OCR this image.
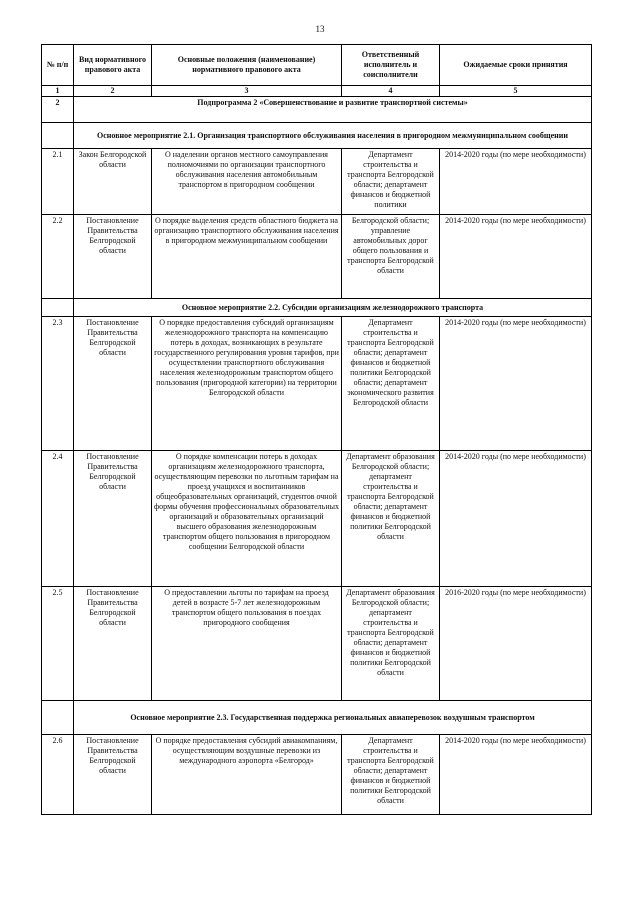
13
№ п/п	Вид нормативного правового акта	Основные положения (наименование) нормативного правового акта	Ответственный исполнитель и соисполнители	Ожидаемые сроки принятия
1	2	3	4	5
2	Подпрограмма 2 «Совершенствование и развитие транспортной системы»			
	Основное мероприятие 2.1. Организация транспортного обслуживания населения в пригородном межмуниципальном сообщении			
2.1	Закон Белгородской области	О наделении органов местного самоуправления полномочиями по организации транспортного обслуживания населения автомобильным транспортом в пригородном сообщении	Департамент строительства и транспорта Белгородской области; департамент финансов и бюджетной политики	2014-2020 годы (по мере необходимости)
2.2	Постановление Правительства Белгородской области	О порядке выделения средств областного бюджета на организацию транспортного обслуживания населения в пригородном межмуниципальном сообщении	Белгородской области; управление автомобильных дорог общего пользования и транспорта Белгородской области	2014-2020 годы (по мере необходимости)
	Основное мероприятие 2.2. Субсидии организациям железнодорожного транспорта			
2.3	Постановление Правительства Белгородской области	О порядке предоставления субсидий организациям железнодорожного транспорта на компенсацию потерь в доходах, возникающих в результате государственного регулирования уровня тарифов, при осуществлении транспортного обслуживания населения железнодорожным транспортом общего пользования (пригородной категории) на территории Белгородской области	Департамент строительства и транспорта Белгородской области; департамент финансов и бюджетной политики Белгородской области; департамент экономического развития Белгородской области	2014-2020 годы (по мере необходимости)
2.4	Постановление Правительства Белгородской области	О порядке компенсации потерь в доходах организациям железнодорожного транспорта, осуществляющим перевозки по льготным тарифам на проезд учащихся и воспитанников общеобразовательных организаций, студентов очной формы обучения профессиональных образовательных организаций и образовательных организаций высшего образования железнодорожным транспортом общего пользования в пригородном сообщении Белгородской области	Департамент образования Белгородской области; департамент строительства и транспорта Белгородской области; департамент финансов и бюджетной политики Белгородской области	2014-2020 годы (по мере необходимости)
2.5	Постановление Правительства Белгородской области	О предоставлении льготы по тарифам на проезд детей в возрасте 5-7 лет железнодорожным транспортом общего пользования в поездах пригородного сообщения	Департамент образования Белгородской области; департамент строительства и транспорта Белгородской области; департамент финансов и бюджетной политики Белгородской области	2016-2020 годы (по мере необходимости)
	Основное мероприятие 2.3. Государственная поддержка региональных авиаперевозок воздушным транспортом			
2.6	Постановление Правительства Белгородской области	О порядке предоставления субсидий авиакомпаниям, осуществляющим воздушные перевозки из международного аэропорта «Белгород»	Департамент строительства и транспорта Белгородской области; департамент финансов и бюджетной политики Белгородской области	2014-2020 годы (по мере необходимости)
